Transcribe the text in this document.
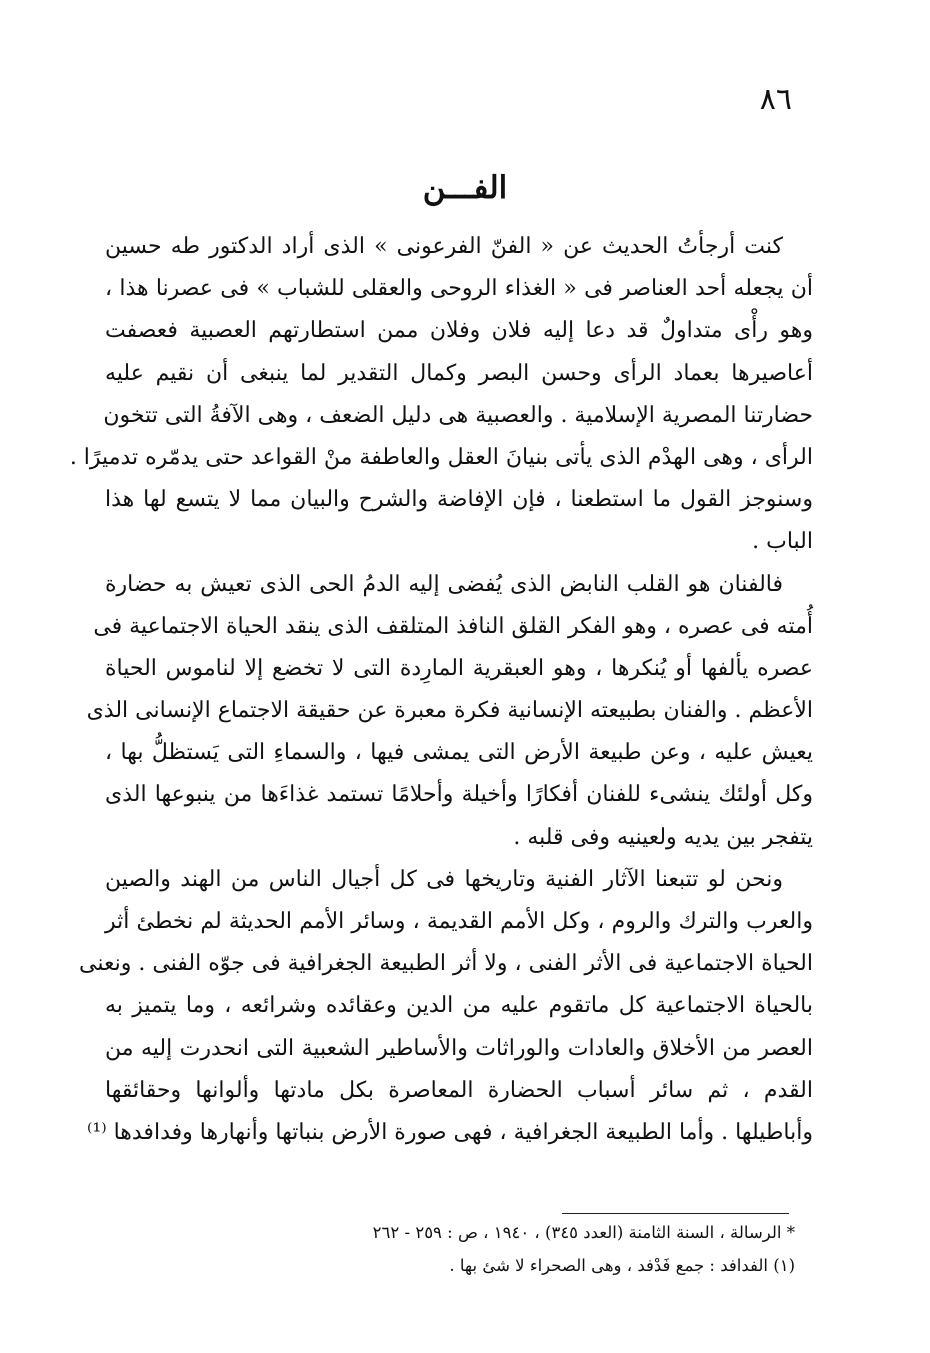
٨٦
الفـــن
كنت أرجأتُ الحديث عن « الفنّ الفرعونى » الذى أراد الدكتور طه حسين
أن يجعله أحد العناصر فى « الغذاء الروحى والعقلى للشباب » فى عصرنا هذا ،
وهو رأْى متداولٌ قد دعا إليه فلان وفلان ممن استطارتهم العصبية فعصفت
أعاصيرها بعماد الرأى وحسن البصر وكمال التقدير لما ينبغى أن نقيم عليه
حضارتنا المصرية الإسلامية . والعصبية هى دليل الضعف ، وهى الآفةُ التى تتخون
الرأى ، وهى الهدْم الذى يأتى بنيانَ العقل والعاطفة منْ القواعد حتى يدمّره تدميرًا .
وسنوجز القول ما استطعنا ، فإن الإفاضة والشرح والبيان مما لا يتسع لها هذا
الباب .
فالفنان هو القلب النابض الذى يُفضى إليه الدمُ الحى الذى تعيش به حضارة
أُمته فى عصره ، وهو الفكر القلق النافذ المتلقف الذى ينقد الحياة الاجتماعية فى
عصره يألفها أو يُنكرها ، وهو العبقرية المارِدة التى لا تخضع إلا لناموس الحياة
الأعظم . والفنان بطبيعته الإنسانية فكرة معبرة عن حقيقة الاجتماع الإنسانى الذى
يعيش عليه ، وعن طبيعة الأرض التى يمشى فيها ، والسماءِ التى يَستظلُّ بها ،
وكل أولئك ينشىء للفنان أفكارًا وأخيلة وأحلامًا تستمد غذاءَها من ينبوعها الذى
يتفجر بين يديه ولعينيه وفى قلبه .
ونحن لو تتبعنا الآثار الفنية وتاريخها فى كل أجيال الناس من الهند والصين
والعرب والترك والروم ، وكل الأمم القديمة ، وسائر الأمم الحديثة لم نخطئ أثر
الحياة الاجتماعية فى الأثر الفنى ، ولا أثر الطبيعة الجغرافية فى جوّه الفنى . ونعنى
بالحياة الاجتماعية كل ماتقوم عليه من الدين وعقائده وشرائعه ، وما يتميز به
العصر من الأخلاق والعادات والوراثات والأساطير الشعبية التى انحدرت إليه من
القدم ، ثم سائر أسباب الحضارة المعاصرة بكل مادتها وألوانها وحقائقها
وأباطيلها . وأما الطبيعة الجغرافية ، فهى صورة الأرض بنباتها وأنهارها وفدافدها ⁽¹⁾
* الرسالة ، السنة الثامنة (العدد ٣٤٥) ، ١٩٤٠ ، ص : ٢٥٩ - ٢٦٢
(١) الفدافد : جمع فَدْفد ، وهى الصحراء لا شئ بها .
